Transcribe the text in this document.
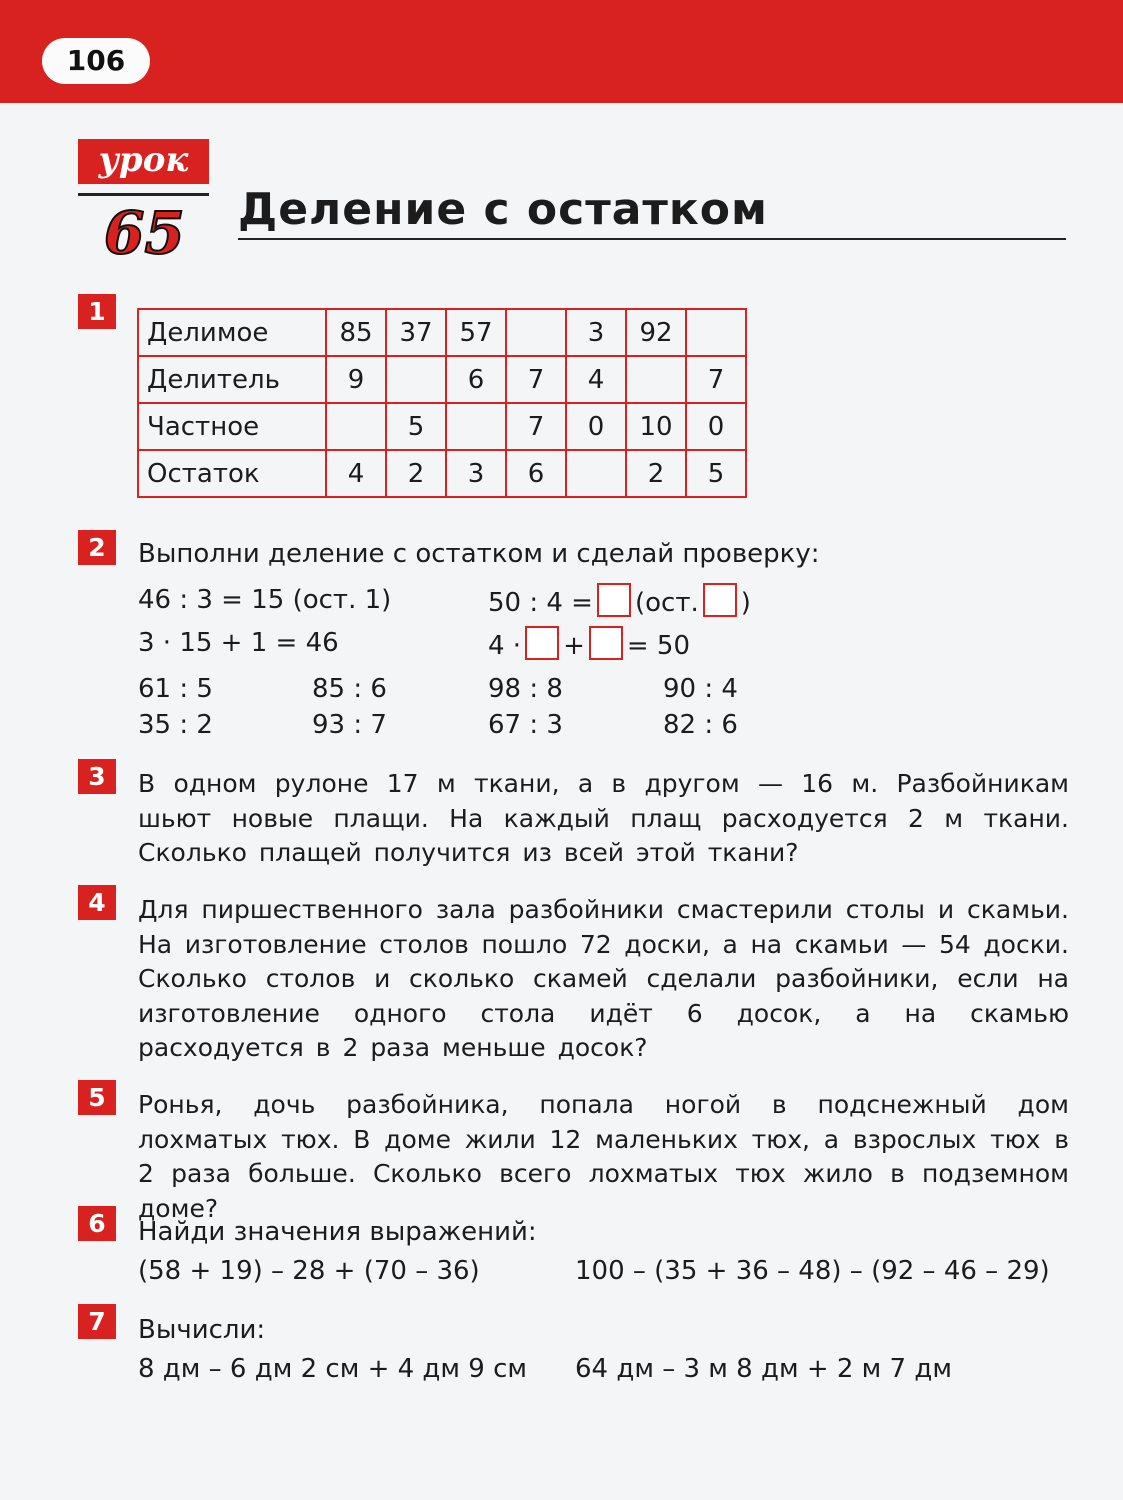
106
урок
65 Деление с остатком
1
Делимое	85	37	57		3	92	
Делитель	9		6	7	4		7
Частное		5		7	0	10	0
Остаток	4	2	3	6		2	5
2	Выполни деление с остатком и сделай проверку:
46 : 3 = 15 (ост. 1)
3 · 15 + 1 = 46
50 : 4 = (ост. )
4 · + = 50
61 : 5	85 : 6	98 : 8	90 : 4
35 : 2	93 : 7	67 : 3	82 : 6
3	В одном рулоне 17 м ткани, а в другом — 16 м. Разбойникам шьют новые плащи. На каждый плащ расходуется 2 м ткани. Сколько плащей получится из всей этой ткани?
4	Для пиршественного зала разбойники смастерили столы и скамьи. На изготовление столов пошло 72 доски, а на скамьи — 54 доски. Сколько столов и сколько скамей сделали разбойники, если на изготовление одного стола идёт 6 досок, а на скамью расходуется в 2 раза меньше досок?
5	Ронья, дочь разбойника, попала ногой в подснежный дом лохматых тюх. В доме жили 12 маленьких тюх, а взрослых тюх в 2 раза больше. Сколько всего лохматых тюх жило в подземном доме?
6	Найди значения выражений:
(58 + 19) – 28 + (70 – 36)	100 – (35 + 36 – 48) – (92 – 46 – 29)
7	Вычисли:
8 дм – 6 дм 2 см + 4 дм 9 см 64 дм – 3 м 8 дм + 2 м 7 дм
